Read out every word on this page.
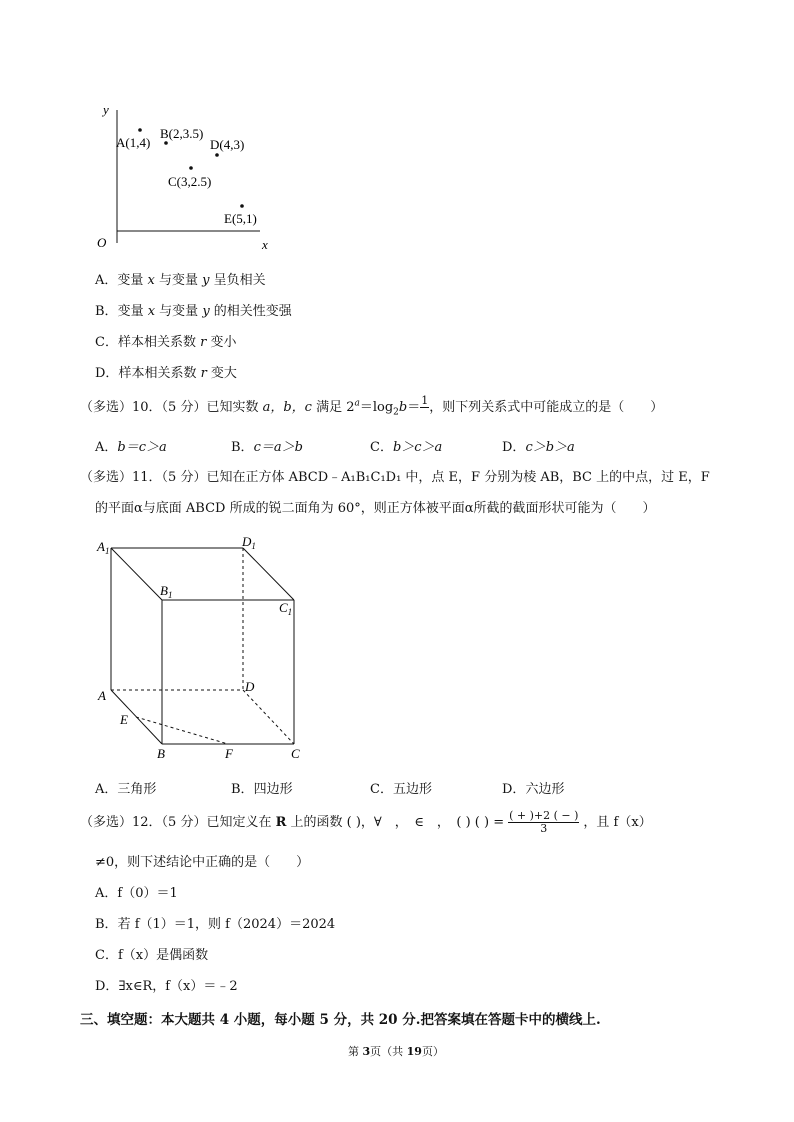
y
x
O
A(1,4)
B(2,3.5)
D(4,3)
C(3,2.5)
E(5,1)
A．变量 x 与变量 y 呈负相关
B．变量 x 与变量 y 的相关性变强
C．样本相关系数 r 变小
D．样本相关系数 r 变大
（多选）10．（5 分）已知实数 a，b，c 满足 $2^a=\log_2b= 1$
，则下列关系式中可能成立的是（　　）
A．b＝c＞a	B．c＝a＞b	C．b＞c＞a	D．c＞b＞a
（多选）11．（5 分）已知在正方体 ABCD﹣A₁B₁C₁D₁ 中，点 E，F 分别为棱 AB，BC 上的中点，过 E，F
的平面α与底面 ABCD 所成的锐二面角为 60°，则正方体被平面α所截的截面形状可能为（　　）
$A_1$
$D_1$
$B_1$
$C_1$
A
D
E
B	F	C
A．三角形	B．四边形	C．五边形	D．六边形
（多选）12．（5 分）已知定义在 R 上的函数 ( )，∀　，　∈　，　( ) ( ) = $\frac{( + )+2 ( - )}{3}$ ，且 f（x）
≠0，则下述结论中正确的是（　　）
A．f（0）＝1
B．若 f（1）＝1，则 f（2024）＝2024
C．f（x）是偶函数
D．∃x∈R，f（x）＝﹣2
三、填空题：本大题共 4 小题，每小题 5 分，共 20 分.把答案填在答题卡中的横线上.
第 3页（共 19页）
